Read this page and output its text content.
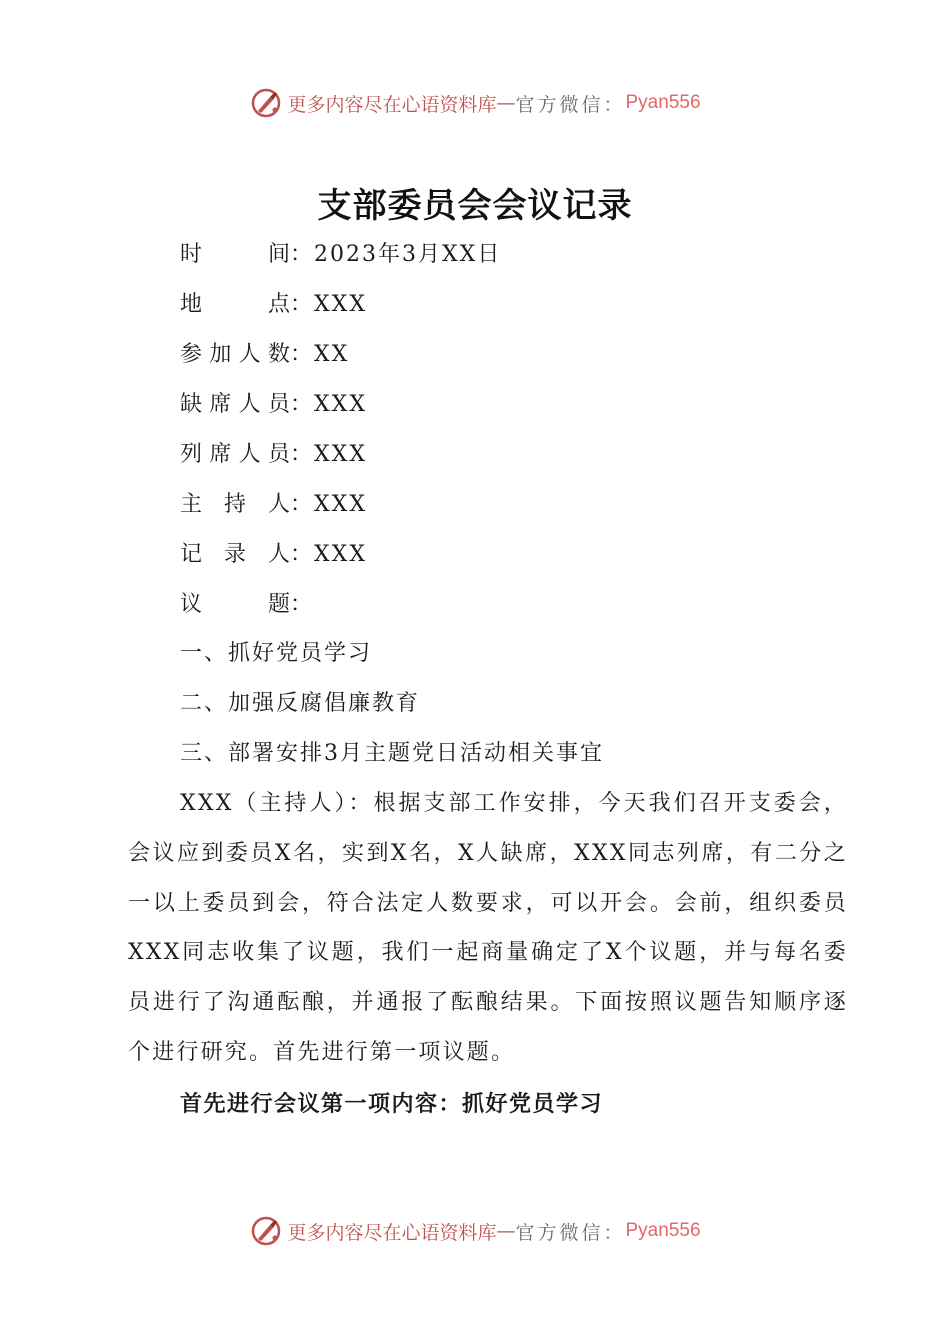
更多内容尽在心语资料库 — 官方微信： Pyan556
支部委员会会议记录
时间：2023年3月XX日
地点：XXX
参加人数：XX
缺席人员：XXX
列席人员：XXX
主持人：XXX
记录人：XXX
议题：
一、抓好党员学习
二、加强反腐倡廉教育
三、部署安排3月主题党日活动相关事宜
XXX（主持人）：根据支部工作安排，今天我们召开支委会，会议应到委员X名，实到X名，X人缺席，XXX同志列席，有二分之一以上委员到会，符合法定人数要求，可以开会。会前，组织委员XXX同志收集了议题，我们一起商量确定了X个议题，并与每名委员进行了沟通酝酿，并通报了酝酿结果。下面按照议题告知顺序逐个进行研究。首先进行第一项议题。
首先进行会议第一项内容：抓好党员学习
更多内容尽在心语资料库 — 官方微信： Pyan556
